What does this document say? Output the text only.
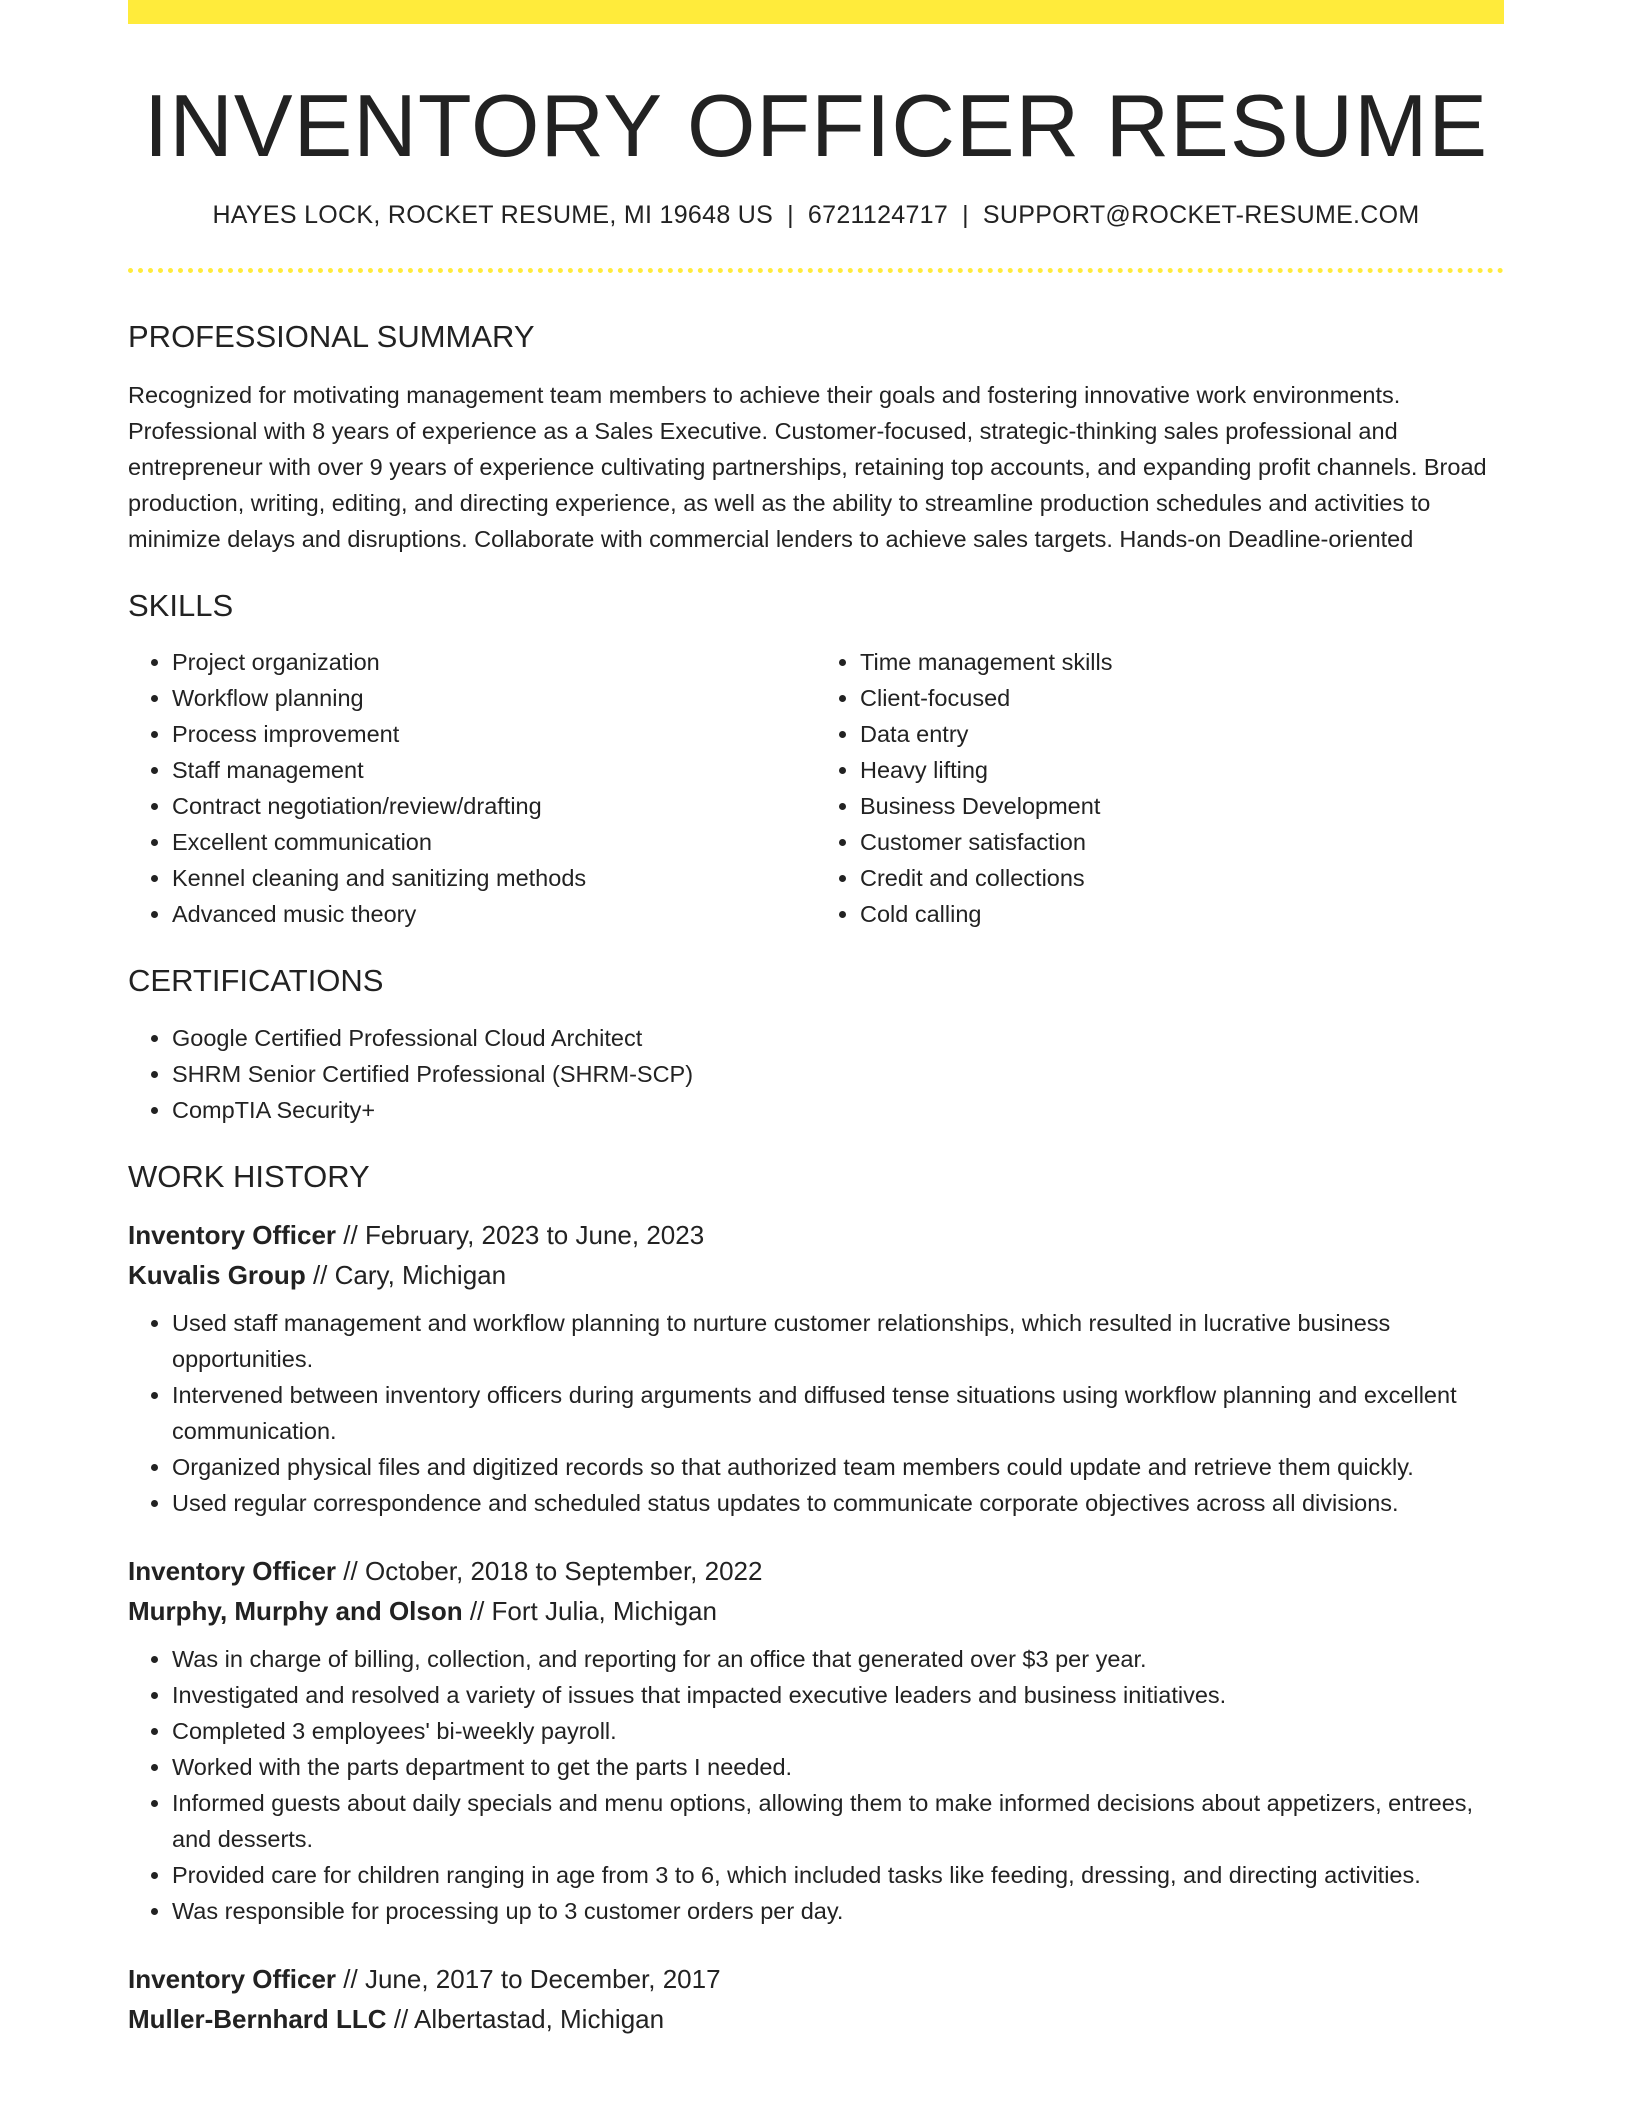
INVENTORY OFFICER RESUME
HAYES LOCK, ROCKET RESUME, MI 19648 US | 6721124717 | SUPPORT@ROCKET-RESUME.COM
PROFESSIONAL SUMMARY

Recognized for motivating management team members to achieve their goals and fostering innovative work environments. Professional with 8 years of experience as a Sales Executive. Customer-focused, strategic-thinking sales professional and entrepreneur with over 9 years of experience cultivating partnerships, retaining top accounts, and expanding profit channels. Broad production, writing, editing, and directing experience, as well as the ability to streamline production schedules and activities to minimize delays and disruptions. Collaborate with commercial lenders to achieve sales targets. Hands-on Deadline-oriented

SKILLS
• Project organization
• Workflow planning
• Process improvement
• Staff management
• Contract negotiation/review/drafting
• Excellent communication
• Kennel cleaning and sanitizing methods
• Advanced music theory
• Time management skills
• Client-focused
• Data entry
• Heavy lifting
• Business Development
• Customer satisfaction
• Credit and collections
• Cold calling
CERTIFICATIONS
• Google Certified Professional Cloud Architect
• SHRM Senior Certified Professional (SHRM-SCP)
• CompTIA Security+
WORK HISTORY
Inventory Officer // February, 2023 to June, 2023
Kuvalis Group // Cary, Michigan
• Used staff management and workflow planning to nurture customer relationships, which resulted in lucrative business opportunities.
• Intervened between inventory officers during arguments and diffused tense situations using workflow planning and excellent communication.
• Organized physical files and digitized records so that authorized team members could update and retrieve them quickly.
• Used regular correspondence and scheduled status updates to communicate corporate objectives across all divisions.
Inventory Officer // October, 2018 to September, 2022
Murphy, Murphy and Olson // Fort Julia, Michigan
• Was in charge of billing, collection, and reporting for an office that generated over $3 per year.
• Investigated and resolved a variety of issues that impacted executive leaders and business initiatives.
• Completed 3 employees' bi-weekly payroll.
• Worked with the parts department to get the parts I needed.
• Informed guests about daily specials and menu options, allowing them to make informed decisions about appetizers, entrees, and desserts.
• Provided care for children ranging in age from 3 to 6, which included tasks like feeding, dressing, and directing activities.
• Was responsible for processing up to 3 customer orders per day.
Inventory Officer // June, 2017 to December, 2017
Muller-Bernhard LLC // Albertastad, Michigan
